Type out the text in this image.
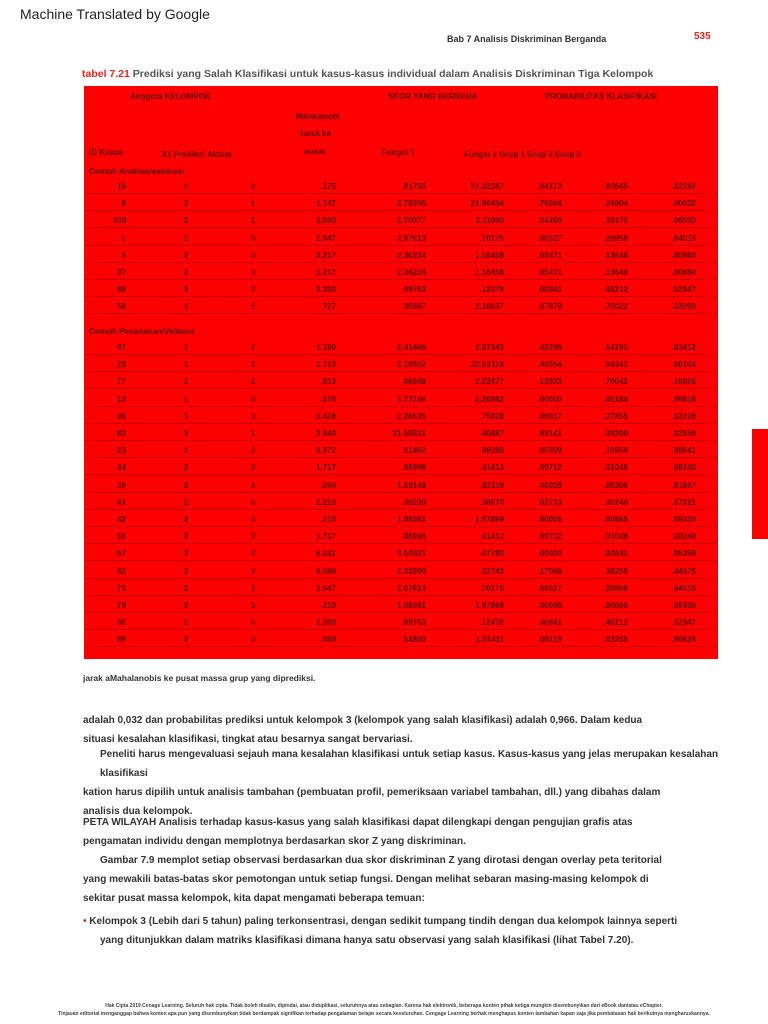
Machine Translated by Google
Bab 7 Analisis Diskriminan Berganda	535
tabel 7.21 Prediksi yang Salah Klasifikasi untuk kasus-kasus individual dalam Analisis Diskriminan Tiga Kelompok
Anggota KELOMPOK	SKOR YANG BERBEDA	PROBABILITAS KLASIFIKASI
Mahalanobi
Jarak ke
pusat
ID Kasus	X1 Prediksi Aktual	Fungsi 1	Fungsi 2 Grup 1 Grup 2 Grup 3
Contoh Analisis/estimasi
10	1	2	.175	.81755	21.32387	.04173	.93645	.02182
8	2	1	1.747	2.78395	21.96454	.75064	.24904	.00032
100	2	1	2.820	2.70077	2.11060	.54280	.39170	.06550
1	2	3	2.947	2.07613	.70175	.06527	.28958	.64515
5	2	3	3.217	2.36224	1.16458	.05471	.13646	.80884
37	2	3	3.217	2.36224	1.16458	.05471	.13646	.80884
88	2	3	2.390	.99763	.12476	.00841	.46212	.52947
58	3	2	.727	.30687	2.16637	.07879	.70022	.22099
Contoh Penahanan/Validasi
97	1	2	1.180	2.41466	2.57343	.42296	.54291	.03412
25	1	2	1.723	2.18552	22.02118	.40554	.59341	.00104
77	1	2	.813	.06668	2.22477	.13933	.70042	.16025
13	1	3	.576	1.77156	2.26982	.00000	.00184	.99816
96	1	3	3.428	2.26535	.75928	.09917	.27855	.62228
83	2	1	2.940	21.58531	.40887	.89141	.08200	.02659
23	2	3	0.972	.61462	.99288	.00399	.10959	.88641
34	2	3	1.717	.86996	.41413	.00712	.31048	.68240
39	2	3	.694	1.59148	.82119	.00028	.08306	.91667
41	2	3	2.220	.30230	.58670	.02733	.30246	.67021
42	2	3	.210	1.08081	1.97869	.00006	.00665	.99330
55	2	3	1.717	.86996	.41413	.00712	.31048	.68240
57	2	3	6.041	3.54521	.47780	.00000	.04641	.95359
62	2	3	4.088	2.32890	.52743	.17066	.38259	.44675
75	2	3	2.947	2.07613	.70175	.06527	.28958	.64515
78	2	3	.210	1.08081	1.97869	.00006	.00665	.99330
85	2	3	2.390	.99763	.12476	.00841	.46212	.52947
89	2	3	.689	.54850	1.51411	.00119	.03255	.96625
jarak aMahalanobis ke pusat massa grup yang diprediksi.
adalah 0,032 dan probabilitas prediksi untuk kelompok 3 (kelompok yang salah klasifikasi) adalah 0,966. Dalam kedua
situasi kesalahan klasifikasi, tingkat atau besarnya sangat bervariasi.
Peneliti harus mengevaluasi sejauh mana kesalahan klasifikasi untuk setiap kasus. Kasus-kasus yang jelas merupakan kesalahan klasifikasi
kation harus dipilih untuk analisis tambahan (pembuatan profil, pemeriksaan variabel tambahan, dll.) yang dibahas dalam
analisis dua kelompok.
PETA WILAYAH Analisis terhadap kasus-kasus yang salah klasifikasi dapat dilengkapi dengan pengujian grafis atas
pengamatan individu dengan memplotnya berdasarkan skor Z yang diskriminan.
Gambar 7.9 memplot setiap observasi berdasarkan dua skor diskriminan Z yang dirotasi dengan overlay peta teritorial
yang mewakili batas-batas skor pemotongan untuk setiap fungsi. Dengan melihat sebaran masing-masing kelompok di
sekitar pusat massa kelompok, kita dapat mengamati beberapa temuan:
• Kelompok 3 (Lebih dari 5 tahun) paling terkonsentrasi, dengan sedikit tumpang tindih dengan dua kelompok lainnya seperti
yang ditunjukkan dalam matriks klasifikasi dimana hanya satu observasi yang salah klasifikasi (lihat Tabel 7.20).
Hak Cipta 2019 Cenage Learning. Seluruh hak cipta. Tidak boleh disalin, dipindai, atau diduplikasi, seluruhnya atau sebagian. Karena hak elektronik, beberapa konten pihak ketiga mungkin disembunyikan dari eBook dan/atau eChapter.
Tinjauan editorial menganggap bahwa konten apa pun yang disembunyikan tidak berdampak signifikan terhadap pengalaman belajar secara keseluruhan. Cengage Learning berhak menghapus konten tambahan kapan saja jika pembatasan hak berikutnya mengharuskannya.
